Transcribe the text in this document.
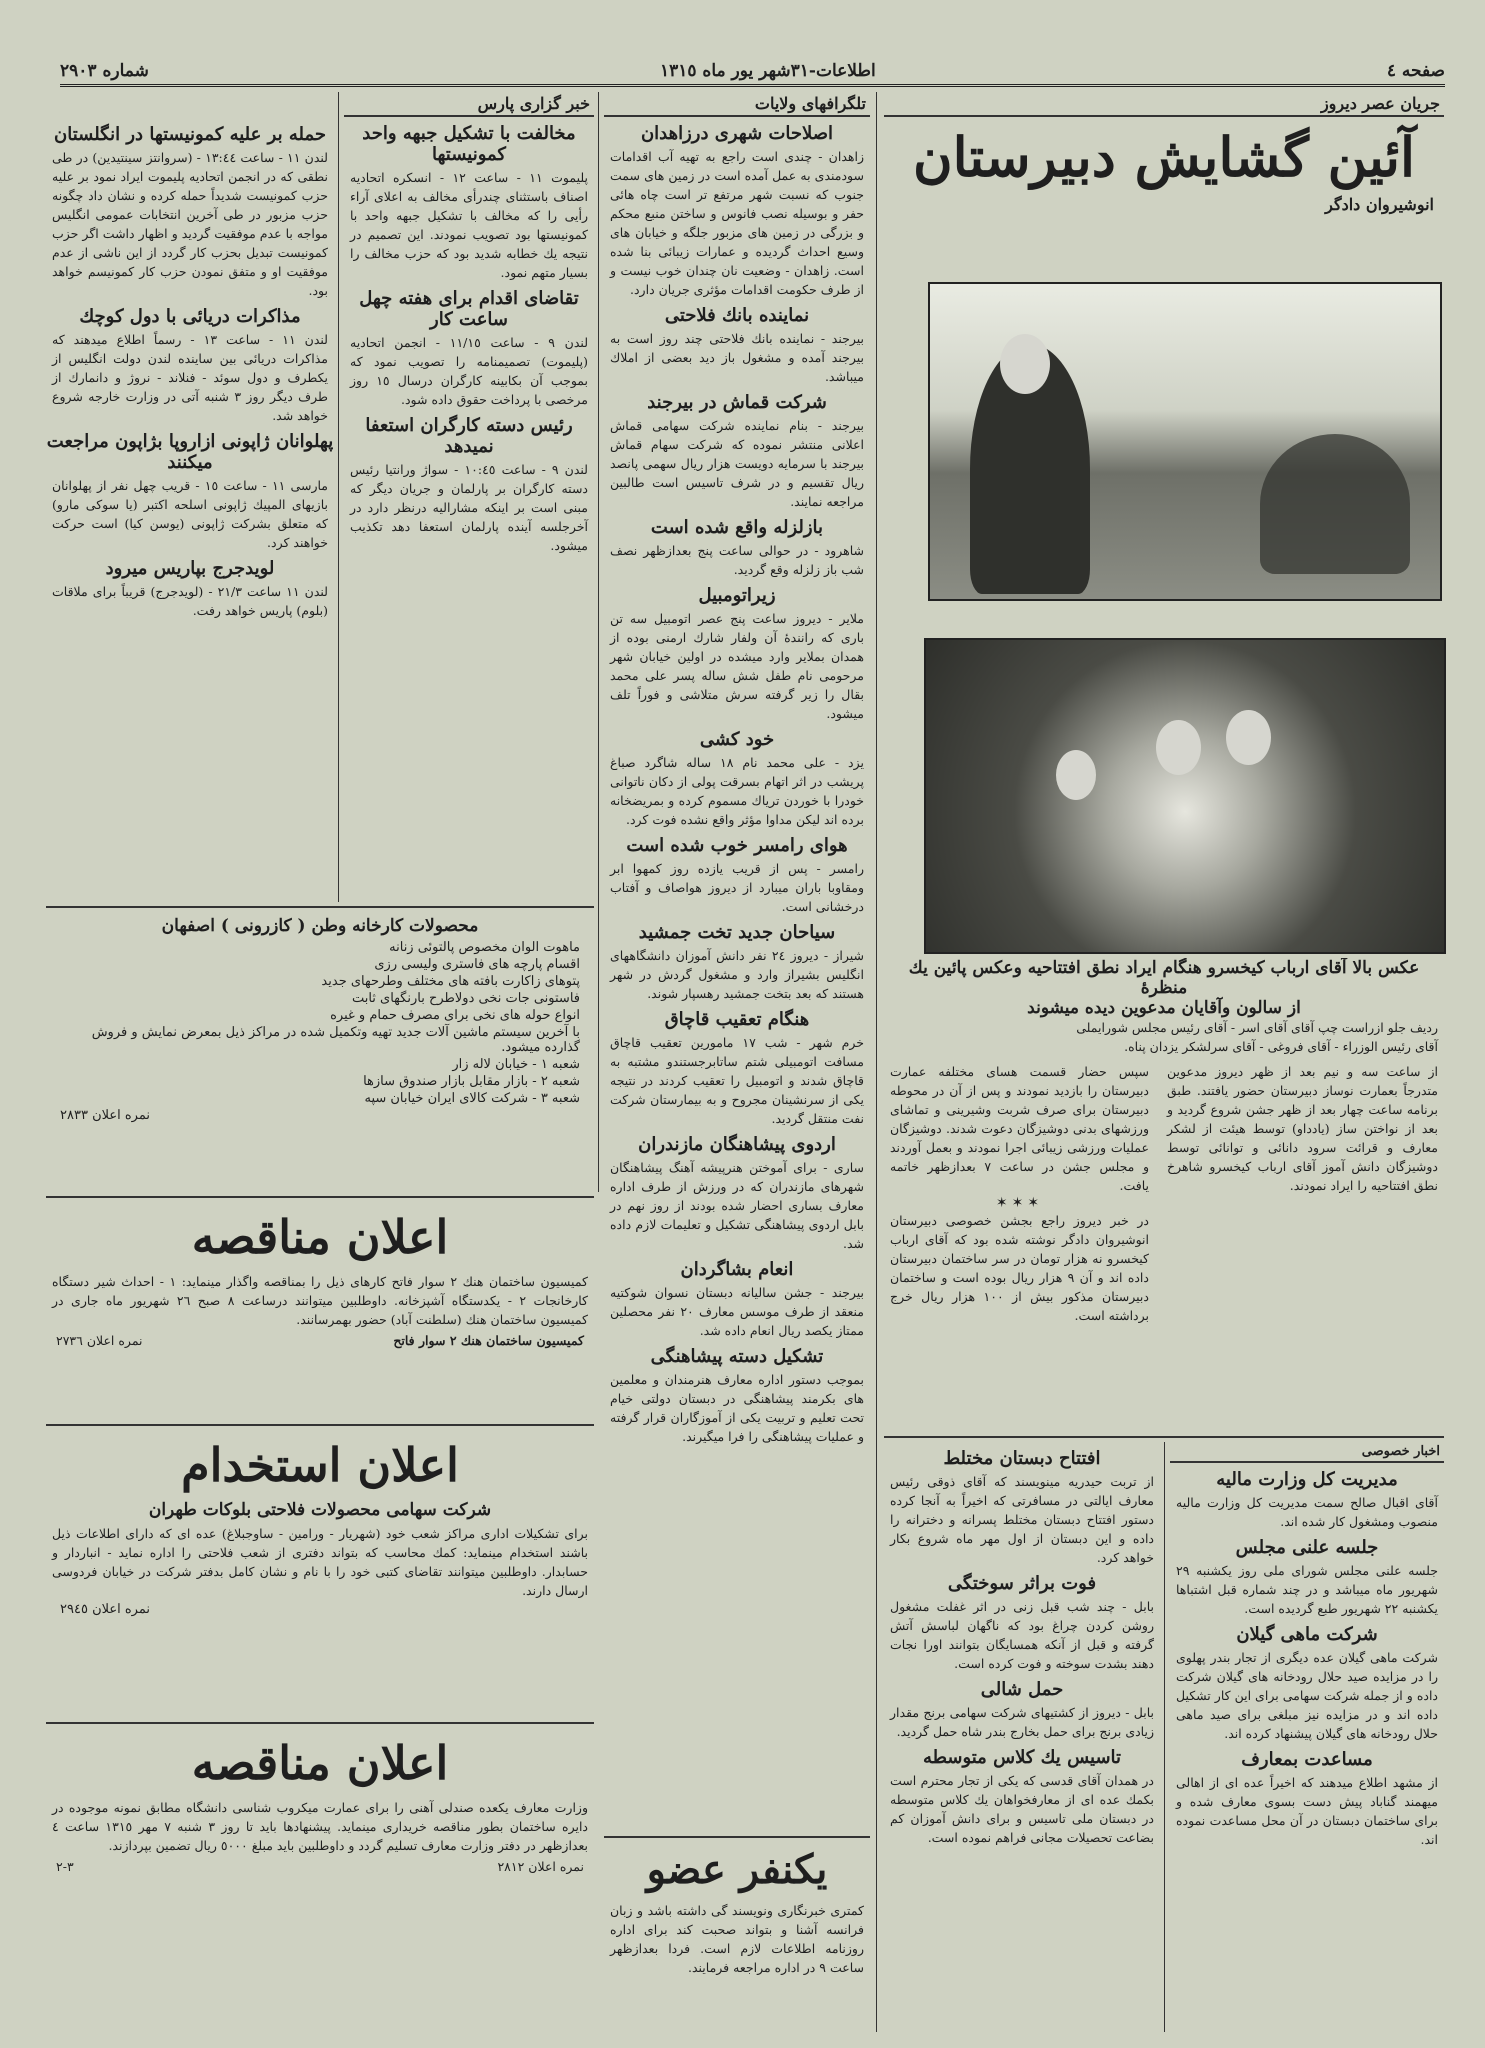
صفحه ٤
اطلاعات-٣١شهر یور ماه ١٣١٥
شماره ٢٩٠٣
جریان عصر دیروز
آئین گشایش دبیرستان
انوشیروان دادگر
عکس بالا آقای ارباب کیخسرو هنگام ایراد نطق افتتاحیه وعکس پائین یك منظرۀ
از سالون وآقایان مدعوین دیده میشوند
ردیف جلو ازراست چپ آقای آقای اسر - آقای رئیس مجلس شورایملی
آقای رئیس الوزراء - آقای فروغی - آقای سرلشکر یزدان پناه.
از ساعت سه و نیم بعد از ظهر دیروز مدعوین متدرجاً بعمارت نوساز دبیرستان حضور یافتند. طبق برنامه ساعت چهار بعد از ظهر جشن شروع گردید و بعد از نواختن ساز (یادداو) توسط هیئت از لشکر معارف و قرائت سرود دانائی و توانائی توسط دوشیزگان دانش آموز آقای ارباب کیخسرو شاهرخ نطق افتتاحیه را ایراد نمودند.
سپس حضار قسمت هسای مختلفه عمارت دبیرستان را بازدید نمودند و پس از آن در محوطه دبیرستان برای صرف شربت وشیرینی و تماشای ورزشهای بدنی دوشیزگان دعوت شدند. دوشیزگان عملیات ورزشی زیبائی اجرا نمودند و بعمل آوردند و مجلس جشن در ساعت ٧ بعدازظهر خاتمه یافت.
✶✶✶
در خبر دیروز راجع بجشن خصوصی دبیرستان انوشیروان دادگر نوشته شده بود که آقای ارباب کیخسرو نه هزار تومان در سر ساختمان دبیرستان داده اند و آن ٩ هزار ریال بوده است و ساختمان دبیرستان مذکور بیش از ١٠٠ هزار ریال خرج برداشته است.
اخبار خصوصی
مدیریت کل وزارت مالیه
آقای اقبال صالح سمت مدیریت کل وزارت مالیه منصوب ومشغول کار شده اند.
جلسه علنی مجلس
جلسه علنی مجلس شورای ملی روز یکشنبه ٢٩ شهریور ماه میباشد و در چند شماره قبل اشتباها یکشنبه ٢٢ شهریور طبع گردیده است.
شرکت ماهی گیلان
شرکت ماهی گیلان عده دیگری از تجار بندر پهلوی را در مزایده صید حلال رودخانه های گیلان شرکت داده و از جمله شرکت سهامی برای این کار تشکیل داده اند و در مزایده نیز مبلغی برای صید ماهی حلال رودخانه های گیلان پیشنهاد کرده اند.
مساعدت بمعارف
از مشهد اطلاع میدهند که اخیراً عده ای از اهالی میهمند گناباد پیش دست بسوی معارف شده و برای ساختمان دبستان در آن محل مساعدت نموده اند.
افتتاح دبستان مختلط
از تربت حیدریه مینویسند که آقای ذوقی رئیس معارف ایالتی در مسافرتی که اخیراً به آنجا کرده دستور افتتاح دبستان مختلط پسرانه و دخترانه را داده و این دبستان از اول مهر ماه شروع بکار خواهد کرد.
فوت براثر سوختگی
بابل - چند شب قبل زنی در اثر غفلت مشغول روشن کردن چراغ بود که ناگهان لباسش آتش گرفته و قبل از آنکه همسایگان بتوانند اورا نجات دهند بشدت سوخته و فوت کرده است.
حمل شالی
بابل - دیروز از کشتیهای شرکت سهامی برنج مقدار زیادی برنج برای حمل بخارج بندر شاه حمل گردید.
تاسیس یك کلاس متوسطه
در همدان آقای قدسی که یکی از تجار محترم است بکمك عده ای از معارفخواهان یك کلاس متوسطه در دبستان ملی تاسیس و برای دانش آموزان کم بضاعت تحصیلات مجانی فراهم نموده است.
تلگرافهای ولایات
اصلاحات شهری درزاهدان
زاهدان - چندی است راجع به تهیه آب اقدامات سودمندی به عمل آمده است در زمین های سمت جنوب که نسبت شهر مرتفع تر است چاه هائی حفر و بوسیله نصب فانوس و ساختن منبع محکم و بزرگی در زمین های مزبور جلگه و خیابان های وسیع احداث گردیده و عمارات زیبائی بنا شده است. زاهدان - وضعیت نان چندان خوب نیست و از طرف حکومت اقدامات مؤثری جریان دارد.
نماینده بانك فلاحتی
بیرجند - نماینده بانك فلاحتی چند روز است به بیرجند آمده و مشغول باز دید بعضی از املاك میباشد.
شرکت قماش در بیرجند
بیرجند - بنام نماینده شرکت سهامی قماش اعلانی منتشر نموده که شرکت سهام قماش بیرجند با سرمایه دویست هزار ریال سهمی پانصد ریال تقسیم و در شرف تاسیس است طالبین مراجعه نمایند.
بازلزله واقع شده است
شاهرود - در حوالی ساعت پنج بعدازظهر نصف شب باز زلزله وقع گردید.
زیراتومبیل
ملایر - دیروز ساعت پنج عصر اتومبیل سه تن باری که رانندهٔ آن ولفار شارك ارمنی بوده از همدان بملایر وارد میشده در اولین خیابان شهر مرحومی نام طفل شش ساله پسر علی محمد بقال را زیر گرفته سرش متلاشی و فوراً تلف میشود.
خود کشی
یزد - علی محمد نام ١٨ ساله شاگرد صباغ پریشب در اثر اتهام بسرقت پولی از دکان ناتوانی خودرا با خوردن تریاك مسموم کرده و بمریضخانه برده اند لیکن مداوا مؤثر واقع نشده فوت کرد.
هوای رامسر خوب شده است
رامسر - پس از قریب یازده روز کمهوا ابر ومقاوبا باران میبارد از دیروز هواصاف و آفتاب درخشانی است.
سیاحان جدید تخت جمشید
شیراز - دیروز ٢٤ نفر دانش آموزان دانشگاههای انگلیس بشیراز وارد و مشغول گردش در شهر هستند که بعد بتخت جمشید رهسپار شوند.
هنگام تعقیب قاچاق
خرم شهر - شب ١٧ مامورین تعقیب قاچاق مسافت اتومبیلی شتم ساتابرجستندو مشتبه به قاچاق شدند و اتومبیل را تعقیب کردند در نتیجه یکی از سرنشینان مجروح و به بیمارستان شرکت نفت منتقل گردید.
اردوی پیشاهنگان مازندران
ساری - برای آموختن هنرپیشه آهنگ پیشاهنگان شهرهای مازندران که در ورزش از طرف اداره معارف بساری احضار شده بودند از روز نهم در بابل اردوی پیشاهنگی تشکیل و تعلیمات لازم داده شد.
انعام بشاگردان
بیرجند - جشن سالیانه دبستان نسوان شوکتیه منعقد از طرف موسس معارف ٢٠ نفر محصلین ممتاز یکصد ریال انعام داده شد.
تشکیل دسته پیشاهنگی
بموجب دستور اداره معارف هنرمندان و معلمین های بکرمند پیشاهنگی در دبستان دولتی خیام تحت تعلیم و تربیت یکی از آموزگاران قرار گرفته و عملیات پیشاهنگی را فرا میگیرند.
یکنفر عضو
کمتری خبرنگاری ونویسند گی داشته باشد و زبان فرانسه آشنا و بتواند صحبت کند برای اداره روزنامه اطلاعات لازم است. فردا بعدازظهر ساعت ٩ در اداره مراجعه فرمایند.
خبر گزاری پارس
مخالفت با تشکیل جبهه واحد کمونیستها
پلیموت ١١ - ساعت ١٢ - انسکره اتحادیه اصناف باستثنای چندرأی مخالف به اعلای آراء رأیی را که مخالف با تشکیل جبهه واحد با کمونیستها بود تصویب نمودند. این تصمیم در نتیجه یك خطابه شدید بود که حزب مخالف را بسیار متهم نمود.
تقاضای اقدام برای هفته چهل ساعت کار
لندن ٩ - ساعت ١١/١٥ - انجمن اتحادیه (پلیموت) تصمیمنامه را تصویب نمود که بموجب آن بکابینه کارگران درسال ١٥ روز مرخصی با پرداخت حقوق داده شود.
رئیس دسته کارگران استعفا نمیدهد
لندن ٩ - ساعت ١٠:٤٥ - سواژ ورانتیا رئیس دسته کارگران بر پارلمان و جریان دیگر که مبنی است بر اینکه مشارالیه درنظر دارد در آخرجلسه آینده پارلمان استعفا دهد تکذیب میشود.
حمله بر علیه کمونیستها در انگلستان
لندن ١١ - ساعت ١٣:٤٤ - (سروانتز سینتیدین) در طی نطقی که در انجمن اتحادیه پلیموت ایراد نمود بر علیه حزب کمونیست شدیداً حمله کرده و نشان داد چگونه حزب مزبور در طی آخرین انتخابات عمومی انگلیس مواجه با عدم موفقیت گردید و اظهار داشت اگر حزب کمونیست تبدیل بحزب کار گردد از این ناشی از عدم موفقیت او و متفق نمودن حزب کار کمونیسم خواهد بود.
مذاکرات دریائی با دول کوچك
لندن ١١ - ساعت ١٣ - رسماً اطلاع میدهند که مذاکرات دریائی بین ساینده لندن دولت انگلیس از یکطرف و دول سوئد - فنلاند - نروژ و دانمارك از طرف دیگر روز ٣ شنبه آتی در وزارت خارجه شروع خواهد شد.
پهلوانان ژاپونی ازاروپا بژاپون مراجعت میکنند
مارسی ١١ - ساعت ١٥ - قریب چهل نفر از پهلوانان بازیهای المپیك ژاپونی اسلحه اکتبر (یا سوکی مارو) که متعلق بشرکت ژاپونی (یوسن کیا) است حرکت خواهند کرد.
لویدجرج بپاریس میرود
لندن ١١ ساعت ٢١/٣ - (لویدجرج) قریباً برای ملاقات (بلوم) پاریس خواهد رفت.
محصولات کارخانه وطن ( کازرونی ) اصفهان
ماهوت الوان مخصوص پالتوئی زنانه
اقسام پارچه های فاستری ولیسی رزی
پتوهای زاکارت بافته های مختلف وطرحهای جدید
فاستونی جات نخی دولاطرح بارنگهای ثابت
انواع حوله های نخی برای مصرف حمام و غیره
با آخرین سیستم ماشین آلات جدید تهیه وتکمیل شده در مراکز ذیل بمعرض نمایش و فروش گذارده میشود.
شعبه ١ - خیابان لاله زار
شعبه ٢ - بازار مقابل بازار صندوق سازها
شعبه ٣ - شرکت کالای ایران خیابان سپه
نمره اعلان ٢٨٣٣
اعلان مناقصه
کمیسیون ساختمان هنك ٢ سوار فاتح کارهای ذیل را بمناقصه واگذار مینماید: ١ - احداث شیر دستگاه کارخانجات ٢ - یکدستگاه آشپزخانه. داوطلبین میتوانند درساعت ٨ صبح ٢٦ شهریور ماه جاری در کمیسیون ساختمان هنك (سلطنت آباد) حضور بهمرسانند.
کمیسیون ساختمان هنك ٢ سوار فاتح
نمره اعلان ٢٧٣٦
اعلان استخدام
شرکت سهامی محصولات فلاحتی بلوکات طهران
برای تشکیلات اداری مراکز شعب خود (شهریار - ورامین - ساوجبلاغ) عده ای که دارای اطلاعات ذیل باشند استخدام مینماید: کمك محاسب که بتواند دفتری از شعب فلاحتی را اداره نماید - انباردار و حسابدار. داوطلبین میتوانند تقاضای کتبی خود را با نام و نشان کامل بدفتر شرکت در خیابان فردوسی ارسال دارند.
نمره اعلان ٢٩٤٥
اعلان مناقصه
وزارت معارف یکعده صندلی آهنی را برای عمارت میکروب شناسی دانشگاه مطابق نمونه موجوده در دایره ساختمان بطور مناقصه خریداری مینماید. پیشنهادها باید تا روز ٣ شنبه ٧ مهر ١٣١٥ ساعت ٤ بعدازظهر در دفتر وزارت معارف تسلیم گردد و داوطلبین باید مبلغ ٥٠٠٠ ریال تضمین بپردازند.
نمره اعلان ٢٨١٢
٣-٢
